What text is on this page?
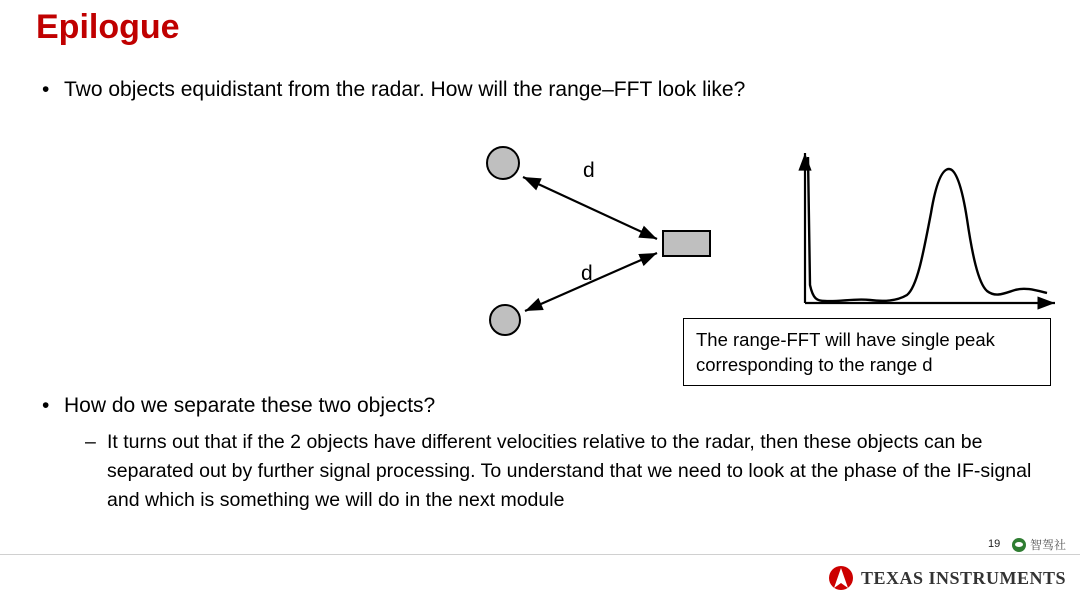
Epilogue
• Two objects equidistant from the radar. How will the range–FFT look like?
d
d
The range-FFT will have single peak
corresponding to the range d
• How do we separate these two objects?
– It turns out that if the 2 objects have different velocities relative to the radar, then these objects can be separated out by further signal processing. To understand that we need to look at the phase of the IF-signal and which is something we will do in the next module
19 智驾社
TEXAS INSTRUMENTS
